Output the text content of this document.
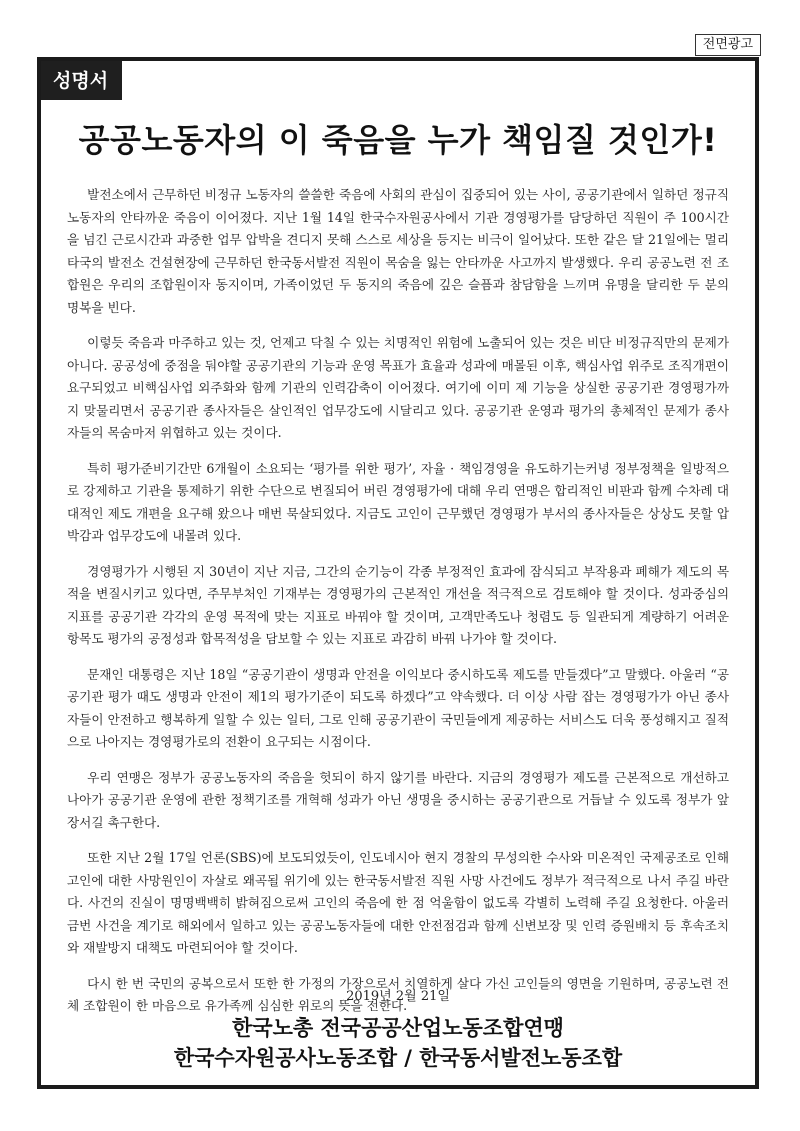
전면광고
성명서
공공노동자의 이 죽음을 누가 책임질 것인가!

발전소에서 근무하던 비정규 노동자의 쓸쓸한 죽음에 사회의 관심이 집중되어 있는 사이, 공공기관에서 일하던 정규직 노동자의 안타까운 죽음이 이어졌다. 지난 1월 14일 한국수자원공사에서 기관 경영평가를 담당하던 직원이 주 100시간을 넘긴 근로시간과 과중한 업무 압박을 견디지 못해 스스로 세상을 등지는 비극이 일어났다. 또한 같은 달 21일에는 멀리 타국의 발전소 건설현장에 근무하던 한국동서발전 직원이 목숨을 잃는 안타까운 사고까지 발생했다. 우리 공공노련 전 조합원은 우리의 조합원이자 동지이며, 가족이었던 두 동지의 죽음에 깊은 슬픔과 참담함을 느끼며 유명을 달리한 두 분의 명복을 빈다.

이렇듯 죽음과 마주하고 있는 것, 언제고 닥칠 수 있는 치명적인 위험에 노출되어 있는 것은 비단 비정규직만의 문제가 아니다. 공공성에 중점을 둬야할 공공기관의 기능과 운영 목표가 효율과 성과에 매몰된 이후, 핵심사업 위주로 조직개편이 요구되었고 비핵심사업 외주화와 함께 기관의 인력감축이 이어졌다. 여기에 이미 제 기능을 상실한 공공기관 경영평가까지 맞물리면서 공공기관 종사자들은 살인적인 업무강도에 시달리고 있다. 공공기관 운영과 평가의 총체적인 문제가 종사자들의 목숨마저 위협하고 있는 것이다.

특히 평가준비기간만 6개월이 소요되는 ‘평가를 위한 평가’, 자율 · 책임경영을 유도하기는커녕 정부정책을 일방적으로 강제하고 기관을 통제하기 위한 수단으로 변질되어 버린 경영평가에 대해 우리 연맹은 합리적인 비판과 함께 수차례 대대적인 제도 개편을 요구해 왔으나 매번 묵살되었다. 지금도 고인이 근무했던 경영평가 부서의 종사자들은 상상도 못할 압박감과 업무강도에 내몰려 있다.

경영평가가 시행된 지 30년이 지난 지금, 그간의 순기능이 각종 부정적인 효과에 잠식되고 부작용과 폐해가 제도의 목적을 변질시키고 있다면, 주무부처인 기재부는 경영평가의 근본적인 개선을 적극적으로 검토해야 할 것이다. 성과중심의 지표를 공공기관 각각의 운영 목적에 맞는 지표로 바꿔야 할 것이며, 고객만족도나 청렴도 등 일관되게 계량하기 어려운 항목도 평가의 공정성과 합목적성을 담보할 수 있는 지표로 과감히 바꿔 나가야 할 것이다.

문재인 대통령은 지난 18일 “공공기관이 생명과 안전을 이익보다 중시하도록 제도를 만들겠다”고 말했다. 아울러 “공공기관 평가 때도 생명과 안전이 제1의 평가기준이 되도록 하겠다”고 약속했다. 더 이상 사람 잡는 경영평가가 아닌 종사자들이 안전하고 행복하게 일할 수 있는 일터, 그로 인해 공공기관이 국민들에게 제공하는 서비스도 더욱 풍성해지고 질적으로 나아지는 경영평가로의 전환이 요구되는 시점이다.

우리 연맹은 정부가 공공노동자의 죽음을 헛되이 하지 않기를 바란다. 지금의 경영평가 제도를 근본적으로 개선하고 나아가 공공기관 운영에 관한 정책기조를 개혁해 성과가 아닌 생명을 중시하는 공공기관으로 거듭날 수 있도록 정부가 앞장서길 촉구한다.

또한 지난 2월 17일 언론(SBS)에 보도되었듯이, 인도네시아 현지 경찰의 무성의한 수사와 미온적인 국제공조로 인해 고인에 대한 사망원인이 자살로 왜곡될 위기에 있는 한국동서발전 직원 사망 사건에도 정부가 적극적으로 나서 주길 바란다. 사건의 진실이 명명백백히 밝혀짐으로써 고인의 죽음에 한 점 억울함이 없도록 각별히 노력해 주길 요청한다. 아울러 금번 사건을 계기로 해외에서 일하고 있는 공공노동자들에 대한 안전점검과 함께 신변보장 및 인력 증원배치 등 후속조치와 재발방지 대책도 마련되어야 할 것이다.

다시 한 번 국민의 공복으로서 또한 한 가정의 가장으로서 치열하게 살다 가신 고인들의 영면을 기원하며, 공공노련 전체 조합원이 한 마음으로 유가족께 심심한 위로의 뜻을 전한다.

2019년 2월 21일
한국노총 전국공공산업노동조합연맹
한국수자원공사노동조합 / 한국동서발전노동조합
